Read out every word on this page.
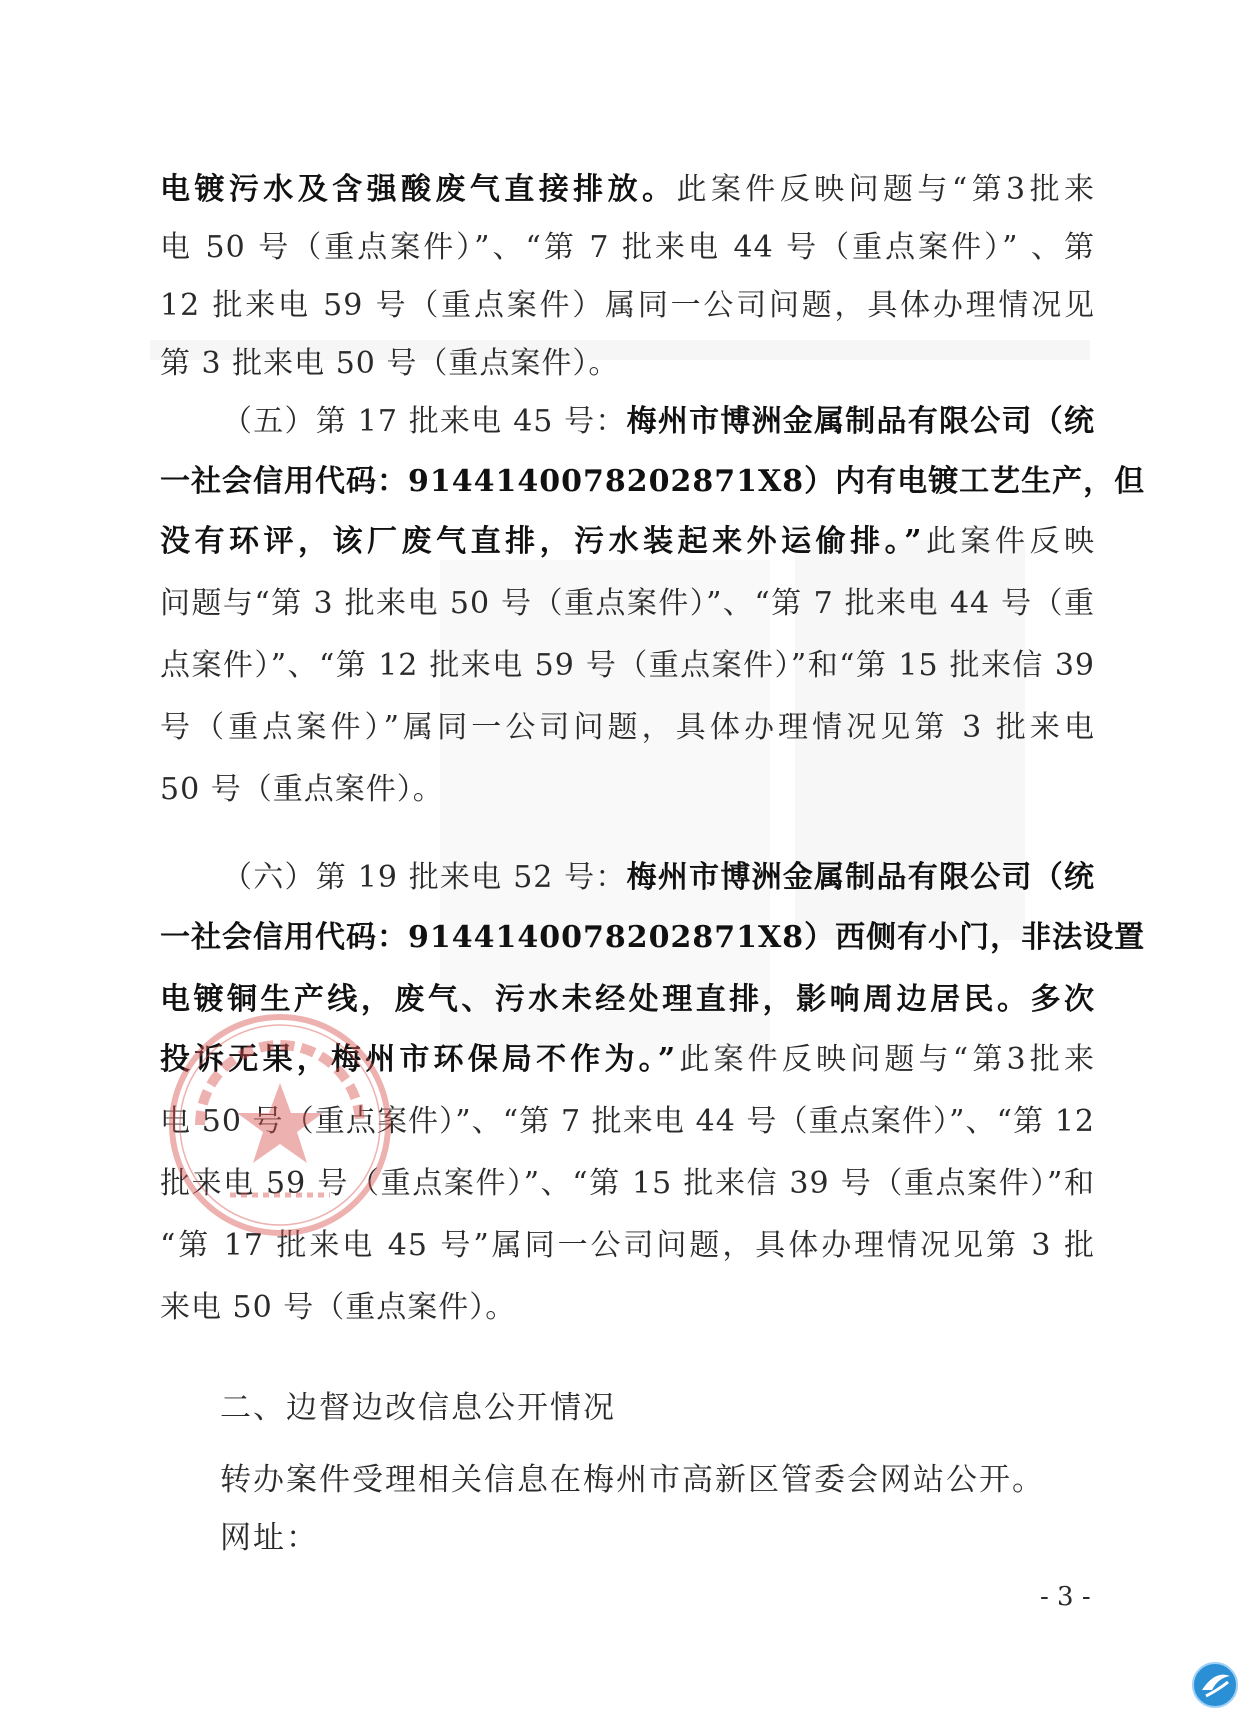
电镀污水及含强酸废气直接排放。此案件反映问题与“第3批来
电 50 号（重点案件）”、“第 7 批来电 44 号（重点案件）” 、第
12 批来电 59 号（重点案件）属同一公司问题，具体办理情况见
第 3 批来电 50 号（重点案件）。
（五）第 17 批来电 45 号：梅州市博洲金属制品有限公司（统
一社会信用代码：9144140078202871X8）内有电镀工艺生产，但
没有环评，该厂废气直排，污水装起来外运偷排。”此案件反映
问题与“第 3 批来电 50 号（重点案件）”、“第 7 批来电 44 号（重
点案件）”、“第 12 批来电 59 号（重点案件）”和“第 15 批来信 39
号（重点案件）”属同一公司问题，具体办理情况见第 3 批来电
50 号（重点案件）。
（六）第 19 批来电 52 号：梅州市博洲金属制品有限公司（统
一社会信用代码：9144140078202871X8）西侧有小门，非法设置
电镀铜生产线，废气、污水未经处理直排，影响周边居民。多次
投诉无果，梅州市环保局不作为。”此案件反映问题与“第3批来
电 50 号（重点案件）”、“第 7 批来电 44 号（重点案件）”、“第 12
批来电 59 号（重点案件）”、“第 15 批来信 39 号（重点案件）”和
“第 17 批来电 45 号”属同一公司问题，具体办理情况见第 3 批
来电 50 号（重点案件）。
二、边督边改信息公开情况
转办案件受理相关信息在梅州市高新区管委会网站公开。
网址：
- 3 -
